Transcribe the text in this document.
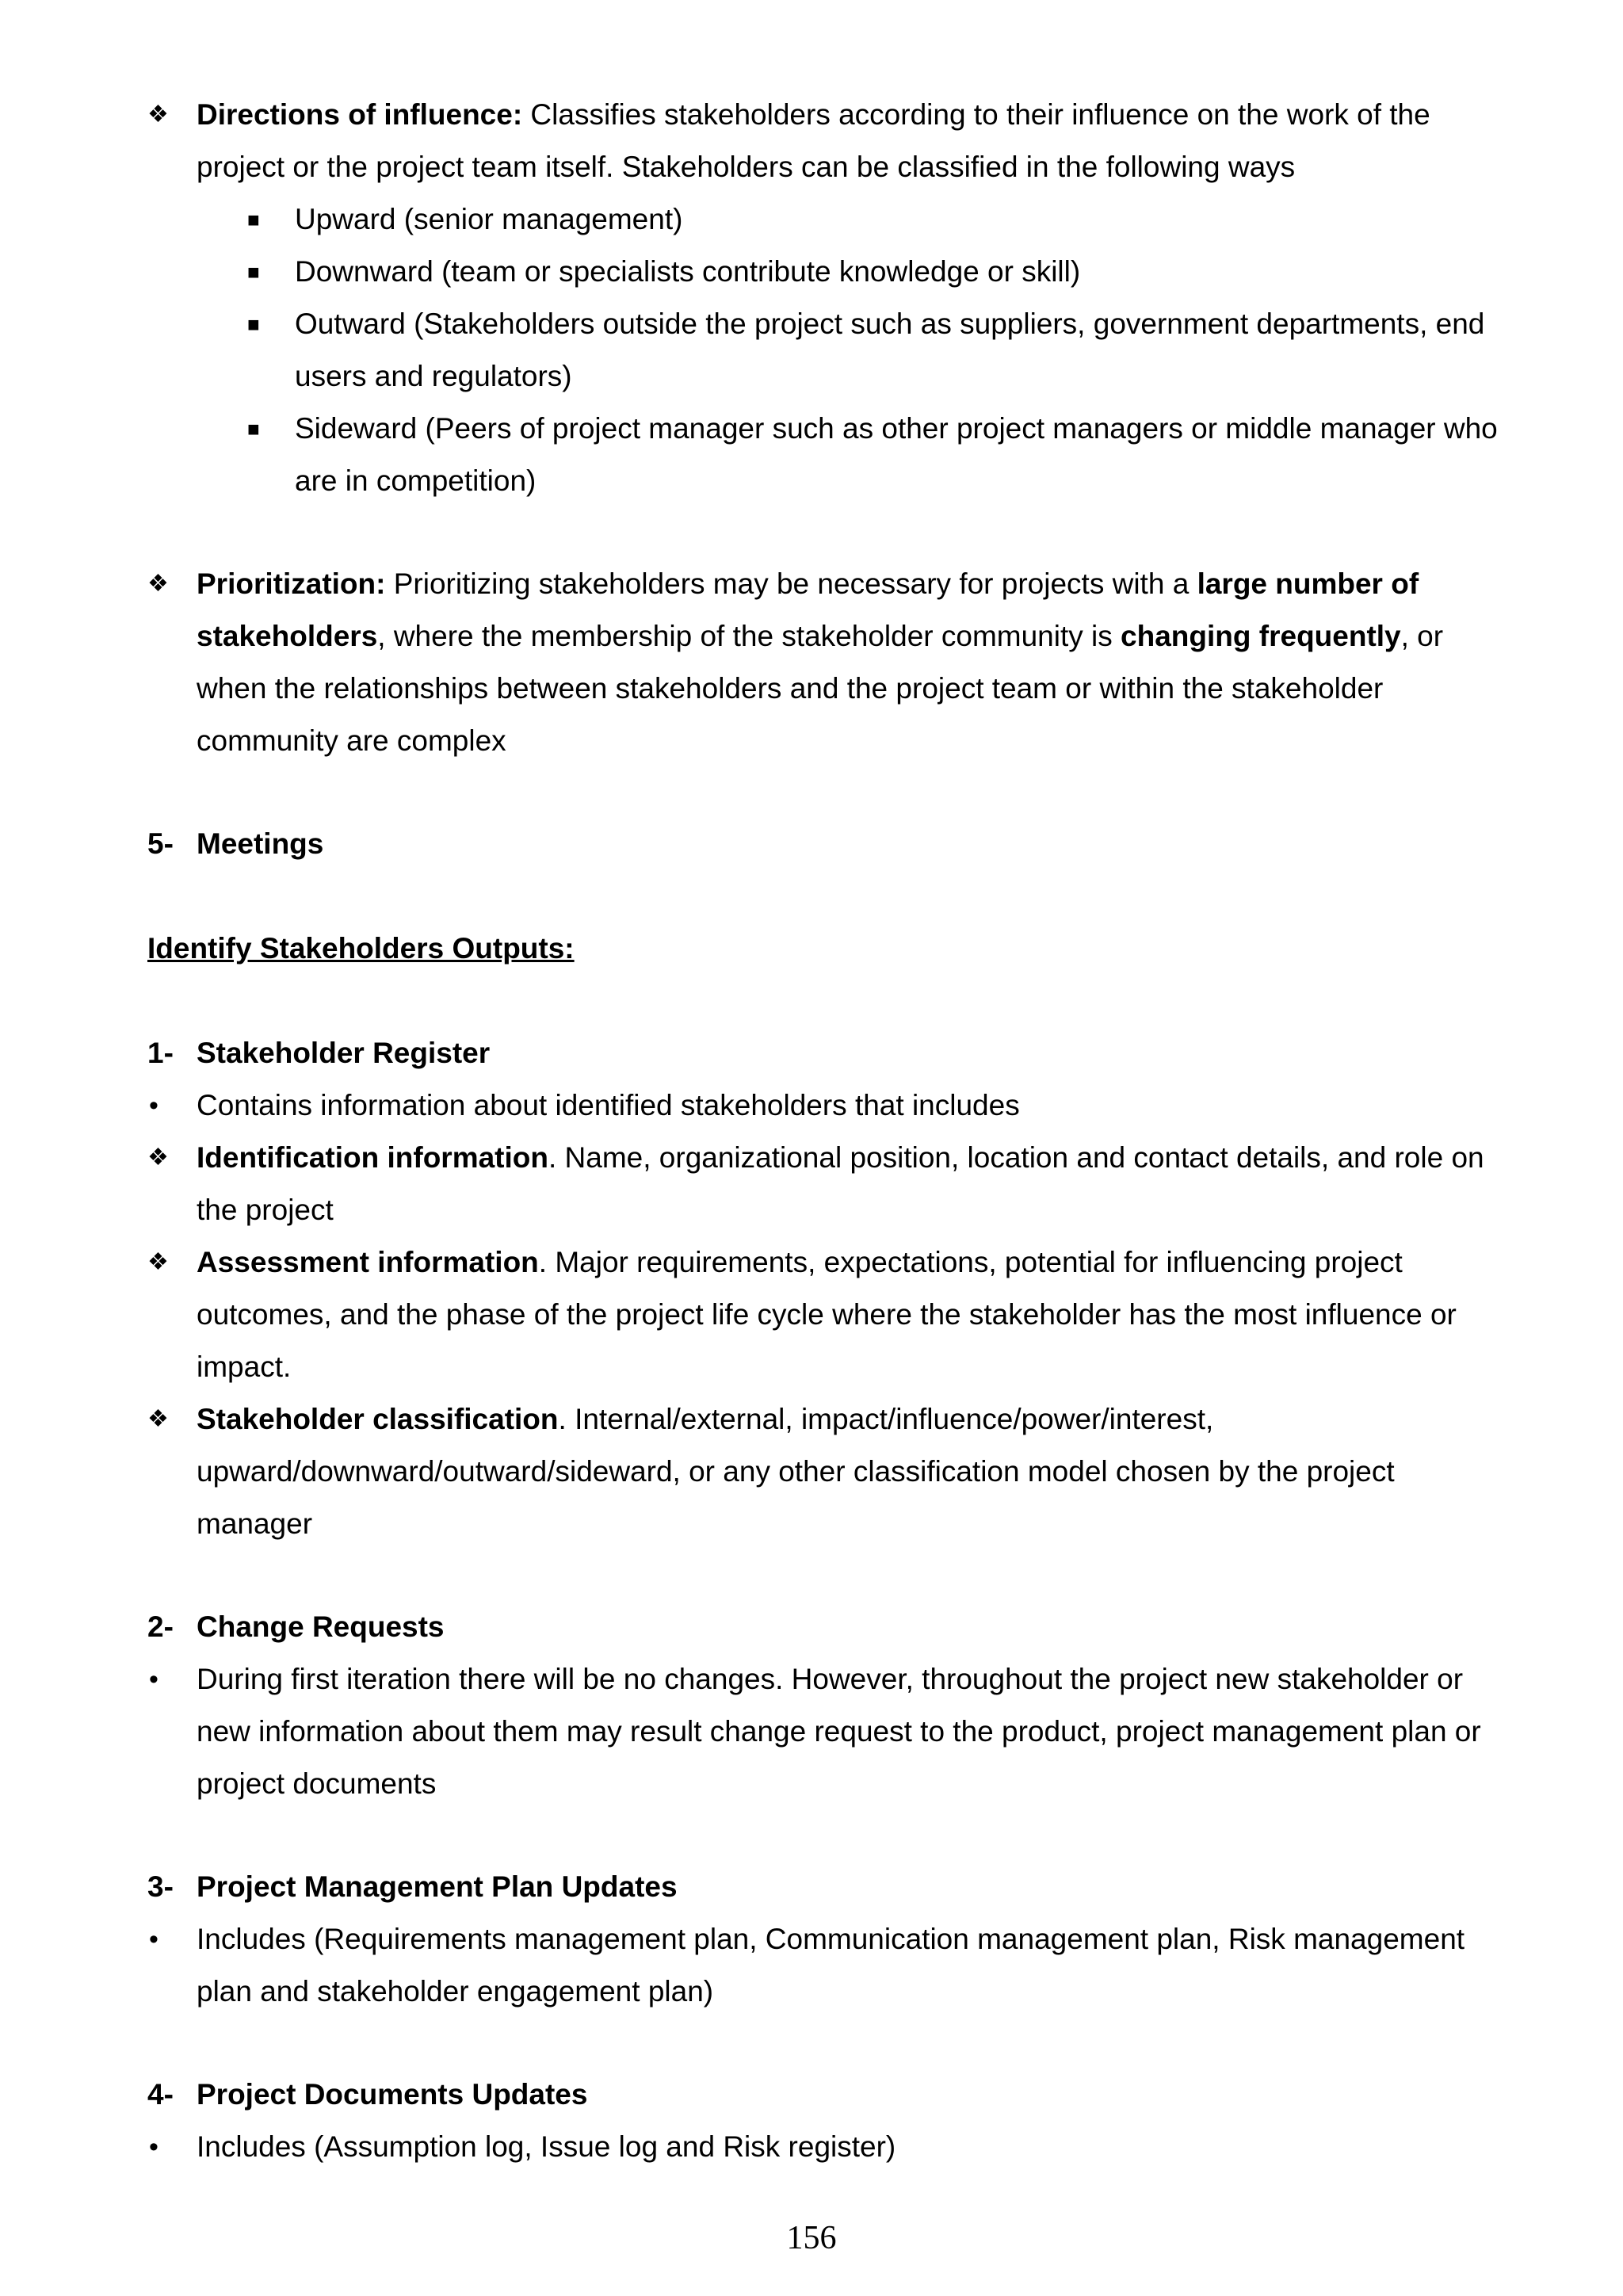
❖ Directions of influence: Classifies stakeholders according to their influence on the work of the
project or the project team itself. Stakeholders can be classified in the following ways
■ Upward (senior management)
■ Downward (team or specialists contribute knowledge or skill)
■ Outward (Stakeholders outside the project such as suppliers, government departments, end
users and regulators)
■ Sideward (Peers of project manager such as other project managers or middle manager who
are in competition)
❖ Prioritization: Prioritizing stakeholders may be necessary for projects with a large number of
stakeholders, where the membership of the stakeholder community is changing frequently, or
when the relationships between stakeholders and the project team or within the stakeholder
community are complex
5- Meetings
Identify Stakeholders Outputs:
1- Stakeholder Register
• Contains information about identified stakeholders that includes
❖ Identification information. Name, organizational position, location and contact details, and role on
the project
❖ Assessment information. Major requirements, expectations, potential for influencing project
outcomes, and the phase of the project life cycle where the stakeholder has the most influence or
impact.
❖ Stakeholder classification. Internal/external, impact/influence/power/interest,
upward/downward/outward/sideward, or any other classification model chosen by the project
manager
2- Change Requests
• During first iteration there will be no changes. However, throughout the project new stakeholder or
new information about them may result change request to the product, project management plan or
project documents
3- Project Management Plan Updates
• Includes (Requirements management plan, Communication management plan, Risk management
plan and stakeholder engagement plan)
4- Project Documents Updates
• Includes (Assumption log, Issue log and Risk register)
156
